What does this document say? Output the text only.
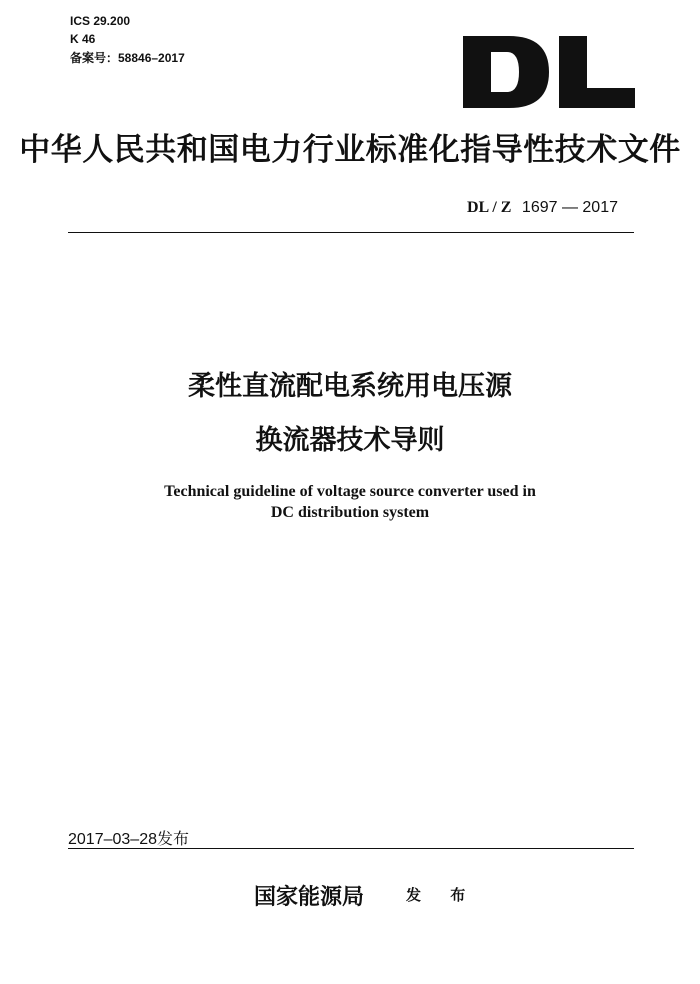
ICS 29.200
K 46
备案号：58846–2017
中华人民共和国电力行业标准化指导性技术文件
DL / Z 1697 — 2017
柔性直流配电系统用电压源
换流器技术导则
Technical guideline of voltage source converter used in
DC distribution system
2017–03–28发布
国家能源局	发 布
